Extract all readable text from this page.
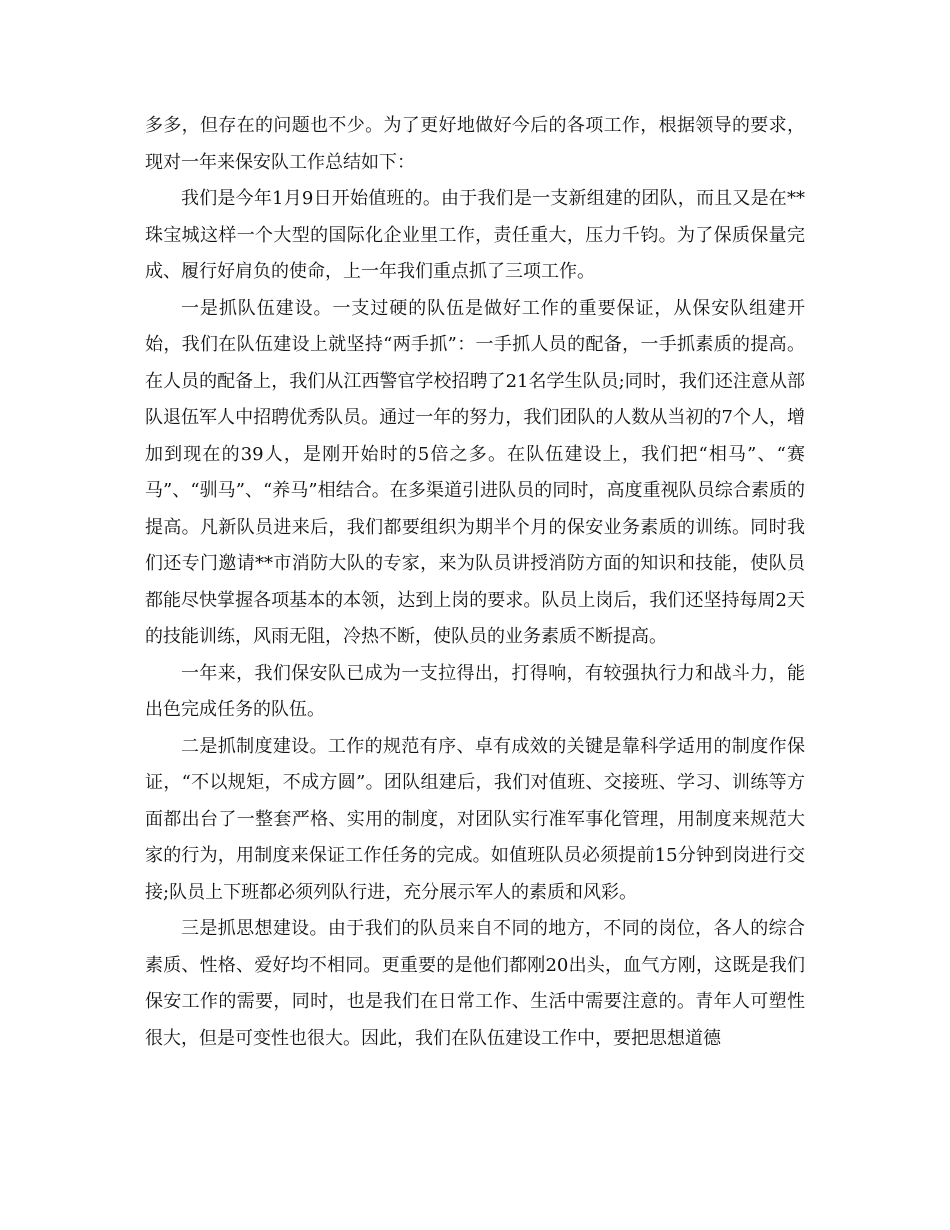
多多，但存在的问题也不少。为了更好地做好今后的各项工作，根据领导的要求，现对一年来保安队工作总结如下：

我们是今年1月9日开始值班的。由于我们是一支新组建的团队，而且又是在**珠宝城这样一个大型的国际化企业里工作，责任重大，压力千钧。为了保质保量完成、履行好肩负的使命，上一年我们重点抓了三项工作。

一是抓队伍建设。一支过硬的队伍是做好工作的重要保证，从保安队组建开始，我们在队伍建设上就坚持“两手抓”：一手抓人员的配备，一手抓素质的提高。在人员的配备上，我们从江西警官学校招聘了21名学生队员;同时，我们还注意从部队退伍军人中招聘优秀队员。通过一年的努力，我们团队的人数从当初的7个人，增加到现在的39人，是刚开始时的5倍之多。在队伍建设上，我们把“相马”、“赛马”、“驯马”、“养马”相结合。在多渠道引进队员的同时，高度重视队员综合素质的提高。凡新队员进来后，我们都要组织为期半个月的保安业务素质的训练。同时我们还专门邀请**市消防大队的专家，来为队员讲授消防方面的知识和技能，使队员都能尽快掌握各项基本的本领，达到上岗的要求。队员上岗后，我们还坚持每周2天的技能训练，风雨无阻，冷热不断，使队员的业务素质不断提高。

一年来，我们保安队已成为一支拉得出，打得响，有较强执行力和战斗力，能出色完成任务的队伍。

二是抓制度建设。工作的规范有序、卓有成效的关键是靠科学适用的制度作保证，“不以规矩，不成方圆”。团队组建后，我们对值班、交接班、学习、训练等方面都出台了一整套严格、实用的制度，对团队实行准军事化管理，用制度来规范大家的行为，用制度来保证工作任务的完成。如值班队员必须提前15分钟到岗进行交接;队员上下班都必须列队行进，充分展示军人的素质和风彩。

三是抓思想建设。由于我们的队员来自不同的地方，不同的岗位，各人的综合素质、性格、爱好均不相同。更重要的是他们都刚20出头，血气方刚，这既是我们保安工作的需要，同时，也是我们在日常工作、生活中需要注意的。青年人可塑性很大，但是可变性也很大。因此，我们在队伍建设工作中，要把思想道德
